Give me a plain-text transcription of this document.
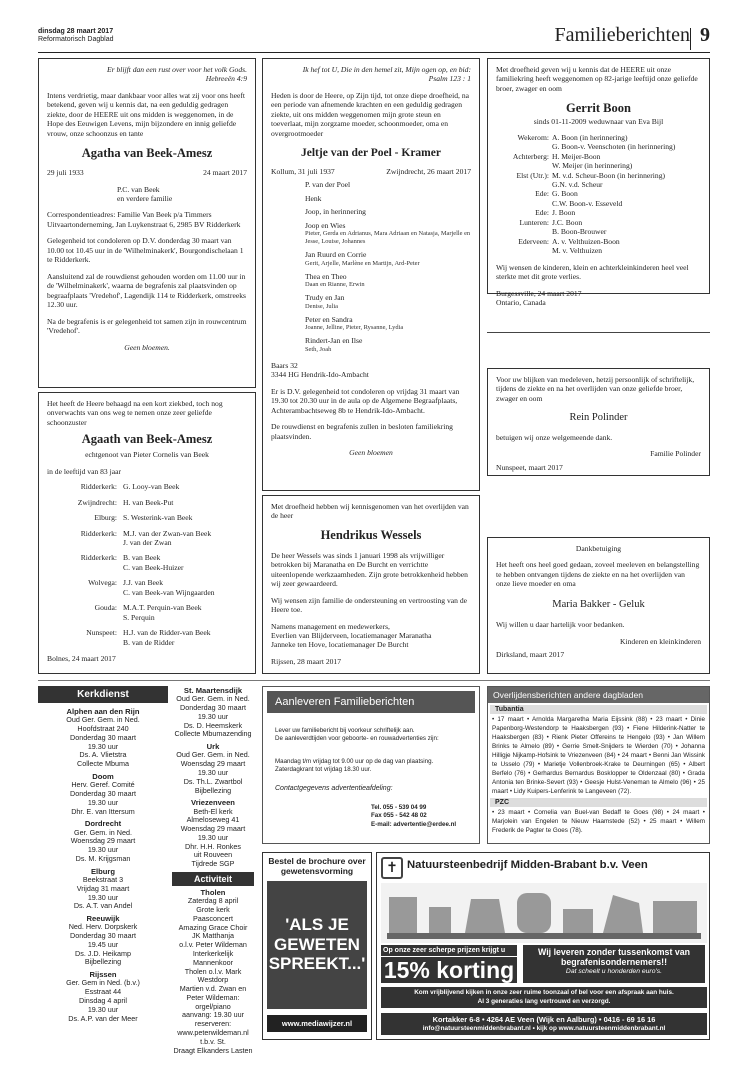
dinsdag 28 maart 2017
Reformatorisch Dagblad	Familieberichten 9
Er blijft dan een rust over voor het volk Gods.
Hebreeën 4:9

Intens verdrietig, maar dankbaar voor alles wat zij voor ons heeft betekend, geven wij u kennis dat, na een geduldig gedragen ziekte, door de HEERE uit ons midden is weggenomen, in de Hope des Eeuwigen Levens, mijn bijzondere en innig geliefde vrouw, onze schoonzus en tante

Agatha van Beek-Amesz
29 juli 1933	24 maart 2017
P.C. van Beek
en verdere familie

Correspondentieadres: Familie Van Beek p/a Timmers Uitvaartonderneming, Jan Luykenstraat 6, 2985 BV Ridderkerk

Gelegenheid tot condoleren op D.V. donderdag 30 maart van 10.00 tot 10.45 uur in de 'Wilhelminakerk', Bourgondischelaan 1 te Ridderkerk.

Aansluitend zal de rouwdienst gehouden worden om 11.00 uur in de 'Wilhelminakerk', waarna de begrafenis zal plaatsvinden op begraafplaats 'Vredehof', Lagendijk 114 te Ridderkerk, omstreeks 12.30 uur.

Na de begrafenis is er gelegenheid tot samen zijn in rouwcentrum 'Vredehof'.

Geen bloemen.

Het heeft de Heere behaagd na een kort ziekbed, toch nog onverwachts van ons weg te nemen onze zeer geliefde schoonzuster

Agaath van Beek-Amesz
echtgenoot van Pieter Cornelis van Beek
in de leeftijd van 83 jaar
Ridderkerk: G. Looy-van Beek
Zwijndrecht: H. van Beek-Put
Elburg: S. Westerink-van Beek
Ridderkerk: M.J. van der Zwan-van Beek
J. van der Zwan
Ridderkerk: B. van Beek
C. van Beek-Huizer
Wolvega: J.J. van Beek
C. van Beek-van Wijngaarden
Gouda: M.A.T. Perquin-van Beek
S. Perquin
Nunspeet: H.J. van de Ridder-van Beek
B. van de Ridder
Bolnes, 24 maart 2017
Ik hef tot U, Die in den hemel zit, Mijn ogen op, en bid:
Psalm 123 : 1

Heden is door de Heere, op Zijn tijd, tot onze diepe droefheid, na een periode van afnemende krachten en een geduldig gedragen ziekte, uit ons midden weggenomen mijn grote steun en toeverlaat, mijn zorgzame moeder, schoonmoeder, oma en overgrootmoeder

Jeltje van der Poel - Kramer
Kollum, 31 juli 1937	Zwijndrecht, 26 maart 2017
P. van der Poel
Henk
Joop, in herinnering
Joop en Wies
Pieter, Gerda en Adrianus, Mara Adriaan en Natasja, Marjelle en Jesse, Louise, Johannes
Jan Ruurd en Corrie
Gerit, Arjelle, Marlène en Martijn, Ard-Peter
Thea en Theo
Daan en Rianne, Erwin
Trudy en Jan
Denise, Julia
Peter en Sandra
Joanne, Jelline, Pieter, Rysanne, Lydia
Rindert-Jan en Ilse
Seth, Joah

Baars 32
3344 HG Hendrik-Ido-Ambacht

Er is D.V. gelegenheid tot condoleren op vrijdag 31 maart van 19.30 tot 20.30 uur in de aula op de Algemene Begraafplaats, Achterambachtseweg 8b te Hendrik-Ido-Ambacht.

De rouwdienst en begrafenis zullen in besloten familiekring plaatsvinden.

Geen bloemen

Met droefheid hebben wij kennisgenomen van het overlijden van de heer

Hendrikus Wessels

De heer Wessels was sinds 1 januari 1998 als vrijwilliger betrokken bij Maranatha en De Burcht en verrichtte uiteenlopende werkzaamheden. Zijn grote betrokkenheid hebben wij zeer gewaardeerd.

Wij wensen zijn familie de ondersteuning en vertroosting van de Heere toe.

Namens management en medewerkers,
Everlien van Blijderveen, locatiemanager Maranatha
Janneke ten Hove, locatiemanager De Burcht

Rijssen, 28 maart 2017

Met droefheid geven wij u kennis dat de HEERE uit onze familiekring heeft weggenomen op 82-jarige leeftijd onze geliefde broer, zwager en oom

Gerrit Boon
sinds 01-11-2009 weduwnaar van Eva Bijl
Wekerom: A. Boon (in herinnering)
G. Boon-v. Veenschoten (in herinnering)
Achterberg: H. Meijer-Boon
W. Meijer (in herinnering)
Elst (Utr.): M. v.d. Scheur-Boon (in herinnering)
G.N. v.d. Scheur
Ede: G. Boon
C.W. Boon-v. Esseveld
Ede: J. Boon
Lunteren: J.C. Boon
B. Boon-Brouwer
Ederveen: A. v. Velthuizen-Boon
M. v. Velthuizen

Wij wensen de kinderen, klein en achterkleinkinderen heel veel sterkte met dit grote verlies.

Burgessville, 24 maart 2017
Ontario, Canada

Voor uw blijken van medeleven, hetzij persoonlijk of schriftelijk, tijdens de ziekte en na het overlijden van onze geliefde broer, zwager en oom

Rein Polinder

betuigen wij onze welgemeende dank.

Familie Polinder

Nunspeet, maart 2017

Dankbetuiging

Het heeft ons heel goed gedaan, zoveel meeleven en belangstelling te hebben ontvangen tijdens de ziekte en na het overlijden van onze lieve moeder en oma

Maria Bakker - Geluk

Wij willen u daar hartelijk voor bedanken.

Kinderen en kleinkinderen

Dirksland, maart 2017

Kerkdienst
Alphen aan den Rijn
Oud Ger. Gem. in Ned.
Hoofdstraat 240
Donderdag 30 maart
19.30 uur
Ds. A. Vlietstra
Collecte Mbuma
Doom
Herv. Geref. Comité
Donderdag 30 maart
19.30 uur
Dhr. E. van Ittersum
Dordrecht
Ger. Gem. in Ned.
Woensdag 29 maart
19.30 uur
Ds. M. Krijgsman
Elburg
Beekstraat 3
Vrijdag 31 maart
19.30 uur
Ds. A.T. van Andel
Reeuwijk
Ned. Herv. Dorpskerk
Donderdag 30 maart
19.45 uur
Ds. J.D. Heikamp
Bijbellezing
Rijssen
Ger. Gem in Ned. (b.v.)
Esstraat 44
Dinsdag 4 april
19.30 uur
Ds. A.P. van der Meer
St. Maartensdijk
Oud Ger. Gem. in Ned.
Donderdag 30 maart
19.30 uur
Ds. D. Heemskerk
Collecte Mbumazending
Urk
Oud Ger. Gem. in Ned.
Woensdag 29 maart
19.30 uur
Ds. Th.L. Zwartbol
Bijbellezing
Vriezenveen
Beth-El kerk
Almeloseweg 41
Woensdag 29 maart
19.30 uur
Dhr. H.H. Ronkes
uit Rouveen
Tijdrede SGP
Activiteit
Tholen
Zaterdag 8 april
Grote kerk
Paasconcert
Amazing Grace Choir
JK Matthanja
o.l.v. Peter Wildeman
Interkerkelijk Mannenkoor
Tholen o.l.v. Mark Westdorp
Martien v.d. Zwan en
Peter Wildeman: orgel/piano
aanvang: 19.30 uur
reserveren:
www.peterwildeman.nl
t.b.v. St.
Draagt Elkanders Lasten
Aanleveren Familieberichten

Lever uw familiebericht bij voorkeur schriftelijk aan.

De aanleverdtijden voor geboorte- en rouwadvertenties zijn:

Maandag t/m vrijdag tot 9.00 uur op de dag van plaatsing.

Zaterdagkrant tot vrijdag 18.30 uur.

Contactgegevens advertentieafdeling:

Tel. 055 - 539 04 99
Fax 055 - 542 48 02
E-mail: advertentie@erdee.nl
Overlijdensberichten andere dagbladen
Tubantia

• 17 maart • Arnolda Margaretha Maria Eijssink (88) • 23 maart • Dinie Papenborg-Westendorp te Haaksbergen (93) • Fiene Hilderink-Natter te Haaksbergen (83) • Rienk Pieter Offereins te Hengelo (93) • Jan Willem Brinks te Almelo (89) • Gerrie Smelt-Snijders te Wierden (70) • Johanna Hilligje Nijkamp-Hofsink te Vriezenveen (84) • 24 maart • Benni Jan Wissink te Usselo (79) • Marietje Vollenbroek-Krake te Deurningen (65) • Albert Berfelo (76) • Gerhardus Bernardus Bosklopper te Oldenzaal (80) • Grada Antonia ten Brinke-Severt (93) • Geesje Hulst-Veneman te Almelo (96) • 25 maart • Lidy Kuipers-Lenferink te Langeveen (72).

PZC

• 23 maart • Cornelia van Buel-van Bedaff te Goes (98) • 24 maart • Marjolein van Engelen te Nieuw Haamstede (52) • 25 maart • Willem Frederik de Pagter te Goes (78).

Bestel de brochure over gewetensvorming
'ALS JE GEWETEN SPREEKT...'
www.mediawijzer.nl
✝ Natuursteenbedrijf Midden-Brabant b.v. Veen
Op onze zeer scherpe prijzen krijgt u
15% korting
Wij leveren zonder tussenkomst van begrafenisondernemers!!
Dat scheelt u honderden euro's.
Kom vrijblijvend kijken in onze zeer ruime toonzaal of bel voor een afspraak aan huis.
Al 3 generaties lang vertrouwd en verzorgd.
Kortakker 6-8 • 4264 AE Veen (Wijk en Aalburg) • 0416 - 69 16 16
info@natuursteenmiddenbrabant.nl • kijk op www.natuursteenmiddenbrabant.nl
